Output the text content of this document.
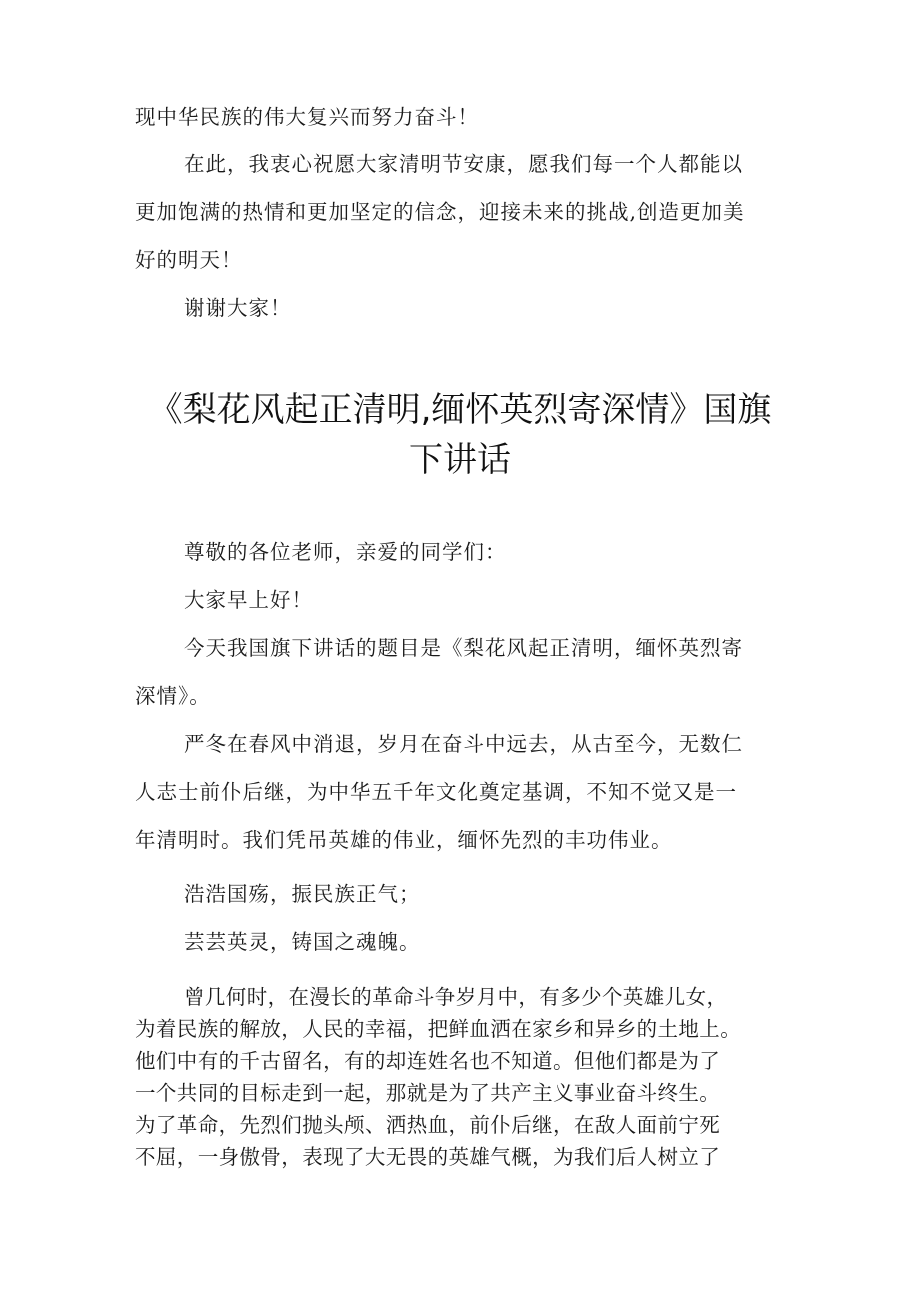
现中华民族的伟大复兴而努力奋斗！
在此，我衷心祝愿大家清明节安康，愿我们每一个人都能以
更加饱满的热情和更加坚定的信念，迎接未来的挑战,创造更加美
好的明天！
谢谢大家！
《梨花风起正清明,缅怀英烈寄深情》国旗
下讲话
尊敬的各位老师，亲爱的同学们：
大家早上好！
今天我国旗下讲话的题目是《梨花风起正清明，缅怀英烈寄
深情》。
严冬在春风中消退，岁月在奋斗中远去，从古至今，无数仁
人志士前仆后继，为中华五千年文化奠定基调，不知不觉又是一
年清明时。我们凭吊英雄的伟业，缅怀先烈的丰功伟业。
浩浩国殇，振民族正气；
芸芸英灵，铸国之魂魄。
曾几何时，在漫长的革命斗争岁月中，有多少个英雄儿女，
为着民族的解放，人民的幸福，把鲜血洒在家乡和异乡的土地上。
他们中有的千古留名，有的却连姓名也不知道。但他们都是为了
一个共同的目标走到一起，那就是为了共产主义事业奋斗终生。
为了革命，先烈们抛头颅、洒热血，前仆后继，在敌人面前宁死
不屈，一身傲骨，表现了大无畏的英雄气概，为我们后人树立了
